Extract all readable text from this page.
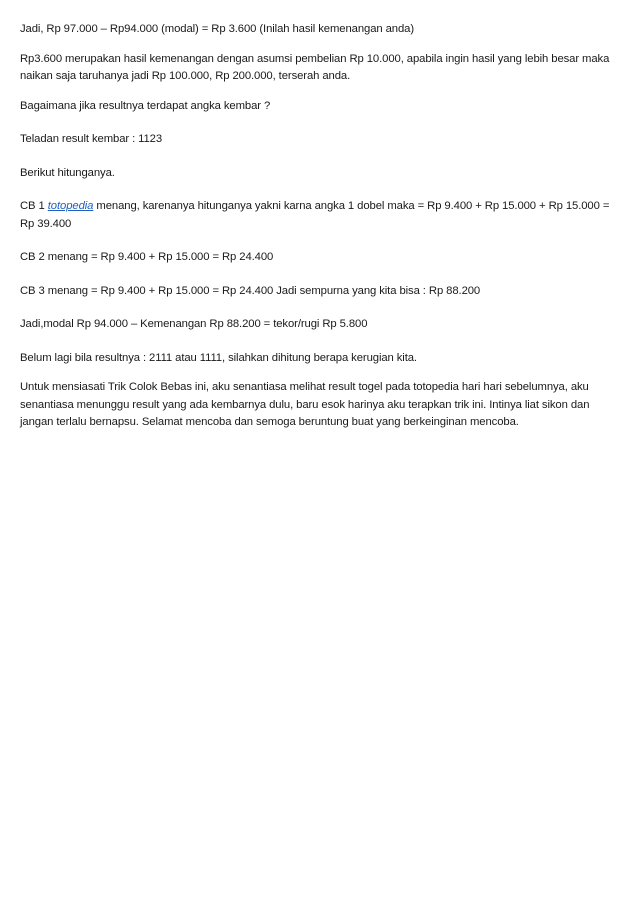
Jadi, Rp 97.000 – Rp94.000 (modal) = Rp 3.600 (Inilah hasil kemenangan anda)

Rp3.600 merupakan hasil kemenangan dengan asumsi pembelian Rp 10.000, apabila ingin hasil yang lebih besar maka naikan saja taruhanya jadi Rp 100.000, Rp 200.000, terserah anda.

Bagaimana jika resultnya terdapat angka kembar ?

Teladan result kembar : 1123

Berikut hitunganya.

CB 1 totopedia menang, karenanya hitunganya yakni karna angka 1 dobel maka = Rp 9.400 + Rp 15.000 + Rp 15.000 = Rp 39.400

CB 2 menang = Rp 9.400 + Rp 15.000 = Rp 24.400

CB 3 menang = Rp 9.400 + Rp 15.000 = Rp 24.400 Jadi sempurna yang kita bisa : Rp 88.200

Jadi,modal Rp 94.000 – Kemenangan Rp 88.200 = tekor/rugi Rp 5.800

Belum lagi bila resultnya : 2111 atau 1111, silahkan dihitung berapa kerugian kita.

Untuk mensiasati Trik Colok Bebas ini, aku senantiasa melihat result togel pada totopedia hari hari sebelumnya, aku senantiasa menunggu result yang ada kembarnya dulu, baru esok harinya aku terapkan trik ini. Intinya liat sikon dan jangan terlalu bernapsu. Selamat mencoba dan semoga beruntung buat yang berkeinginan mencoba.
